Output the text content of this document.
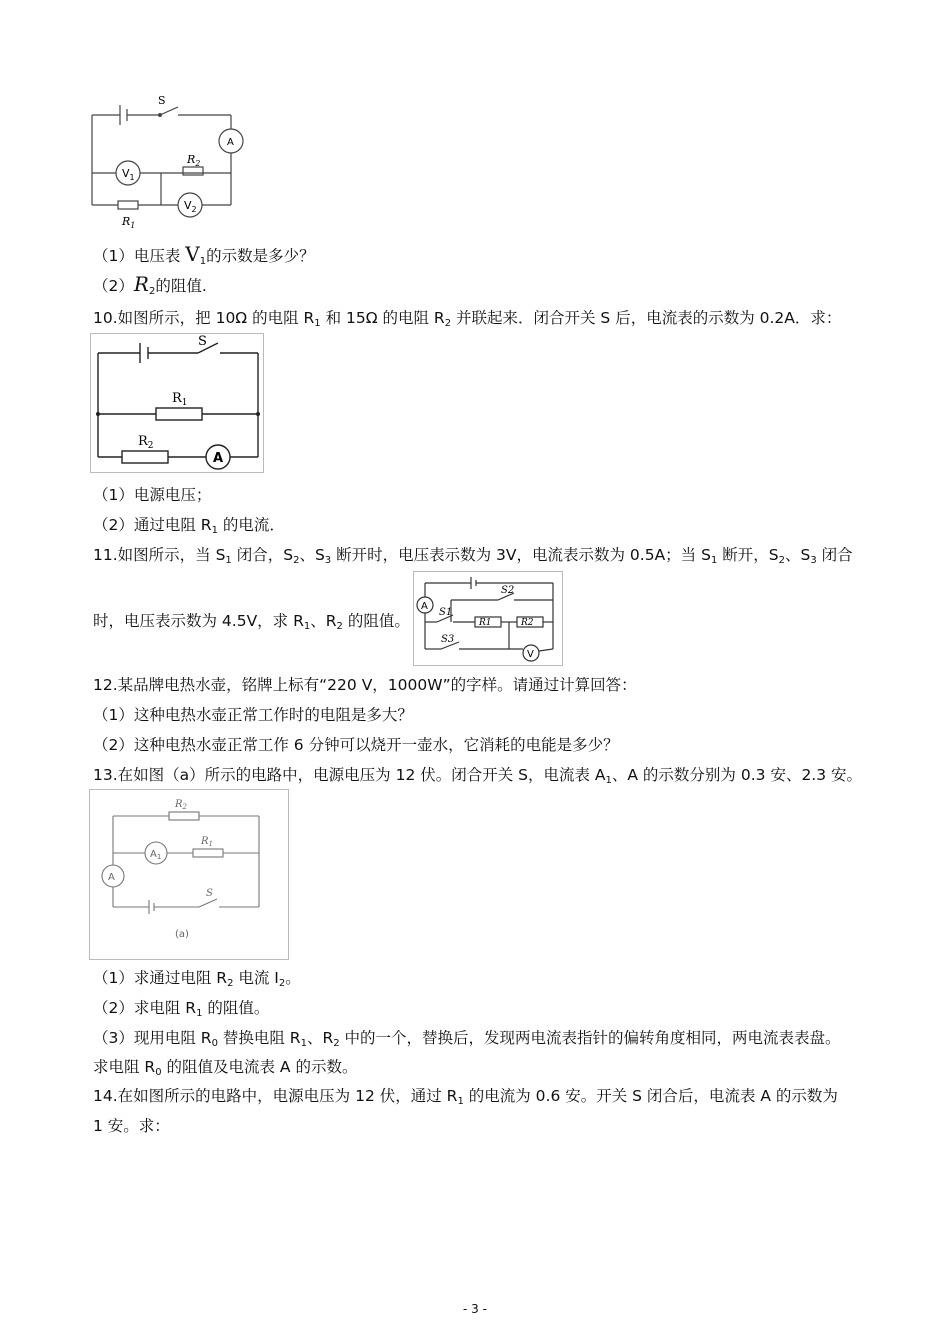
S
A
$R_2$
$V_1$
$V_2$
$R_1$
（1）电压表 $V_1$的示数是多少？
$(2)R_2$的阻值.
10.如图所示，把 10Ω 的电阻 $R_1$ 和 15Ω 的电阻 $R_2$ 并联起来．闭合开关 S 后，电流表的示数为 0.2A．求：
S
$R_1$
$R_2$
A
（1）电源电压；
（2）通过电阻 $R_1$ 的电流．
11.如图所示，当 $S_1$ 闭合，$S_2$、$S_3$ 断开时，电压表示数为 3V，电流表示数为 0.5A；当 $S_1$ 断开，$S_2$、$S_3$ 闭合
时，电压表示数为 4.5V，求 $R_1$、$R_2$ 的阻值。
A
S2
S1
R1	R2
S3
V
12.某品牌电热水壶，铭牌上标有“220 V，1000W”的字样。请通过计算回答：
（1）这种电热水壶正常工作时的电阻是多大？
（2）这种电热水壶正常工作 6 分钟可以烧开一壶水，它消耗的电能是多少？
13.在如图（a）所示的电路中，电源电压为 12 伏。闭合开关 S，电流表 $A_1$、A 的示数分别为 0.3 安、2.3 安。
$R_2$
$A_1$
$R_1$
A
S
(a)
（1）求通过电阻 $R_2$ 电流 $I_2$。
（2）求电阻 $R_1$ 的阻值。
（3）现用电阻 $R_0$ 替换电阻 $R_1$、$R_2$ 中的一个，替换后，发现两电流表指针的偏转角度相同，两电流表表盘。
求电阻 $R_0$ 的阻值及电流表 A 的示数。
14.在如图所示的电路中，电源电压为 12 伏，通过 $R_1$ 的电流为 0.6 安。开关 S 闭合后，电流表 A 的示数为
1 安。求：
- 3 -
